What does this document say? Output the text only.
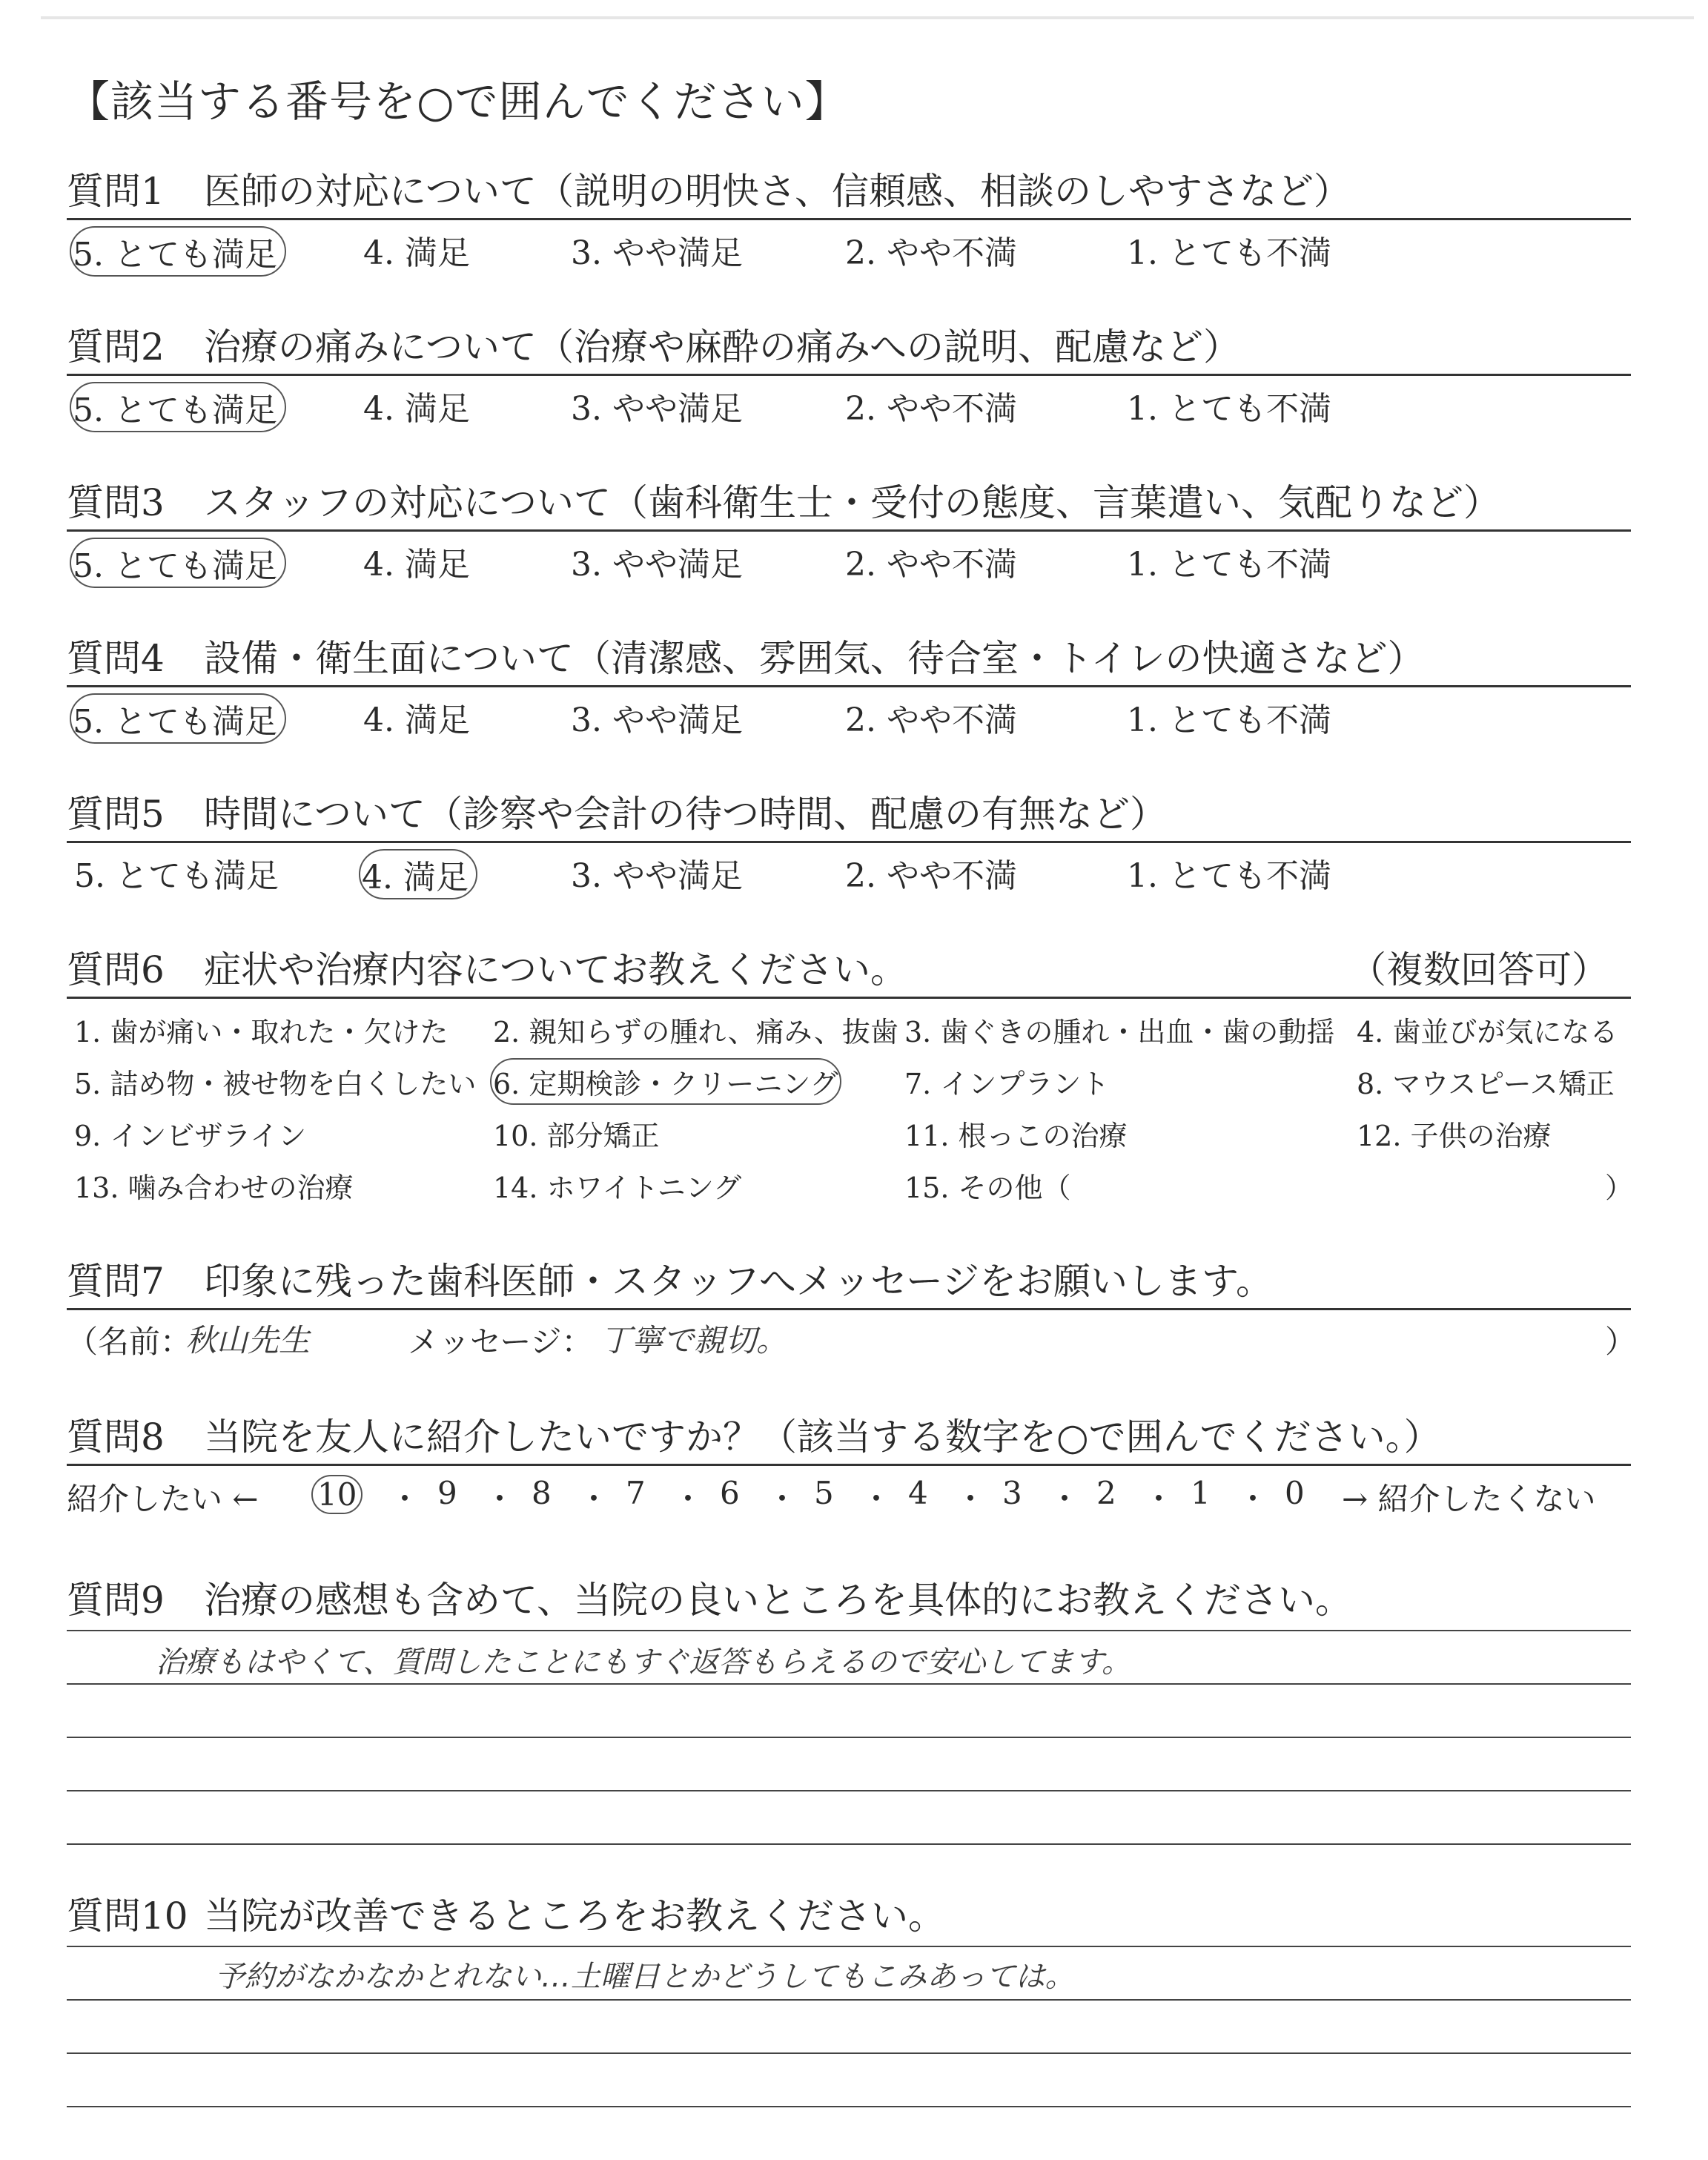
【該当する番号を○で囲んでください】
質問1 医師の対応について（説明の明快さ、信頼感、相談のしやすさなど）
5. とても満足	4. 満足	3. やや満足	2. やや不満	1. とても不満
質問2 治療の痛みについて（治療や麻酔の痛みへの説明、配慮など）
5. とても満足	4. 満足	3. やや満足	2. やや不満	1. とても不満
質問3 スタッフの対応について（歯科衛生士・受付の態度、言葉遣い、気配りなど）
5. とても満足	4. 満足	3. やや満足	2. やや不満	1. とても不満
質問4 設備・衛生面について（清潔感、雰囲気、待合室・トイレの快適さなど）
5. とても満足	4. 満足	3. やや満足	2. やや不満	1. とても不満
質問5 時間について（診察や会計の待つ時間、配慮の有無など）
5. とても満足	4. 満足	3. やや満足	2. やや不満	1. とても不満
質問6 症状や治療内容についてお教えください。	（複数回答可）
1. 歯が痛い・取れた・欠けた 2. 親知らずの腫れ、痛み、抜歯 3. 歯ぐきの腫れ・出血・歯の動揺 4. 歯並びが気になる
5. 詰め物・被せ物を白くしたい 6. 定期検診・クリーニング 7. インプラント	8. マウスピース矯正
9. インビザライン	10. 部分矯正	11. 根っこの治療	12. 子供の治療
13. 噛み合わせの治療	14. ホワイトニング	15. その他（	）
質問7 印象に残った歯科医師・スタッフへメッセージをお願いします。
（名前：
秋山先生	メッセージ： 丁寧で親切。	）
質問8 当院を友人に紹介したいですか？（該当する数字を○で囲んでください。）
紹介したい ← 10	9 8 7 6 5 4 3 2 1 0 → 紹介したくない
・ ・ ・ ・ ・ ・ ・ ・ ・ ・
質問9 治療の感想も含めて、当院の良いところを具体的にお教えください。
治療もはやくて、質問したことにもすぐ返答もらえるので安心してます。
質問10 当院が改善できるところをお教えください。
予約がなかなかとれない…土曜日とかどうしてもこみあっては。
